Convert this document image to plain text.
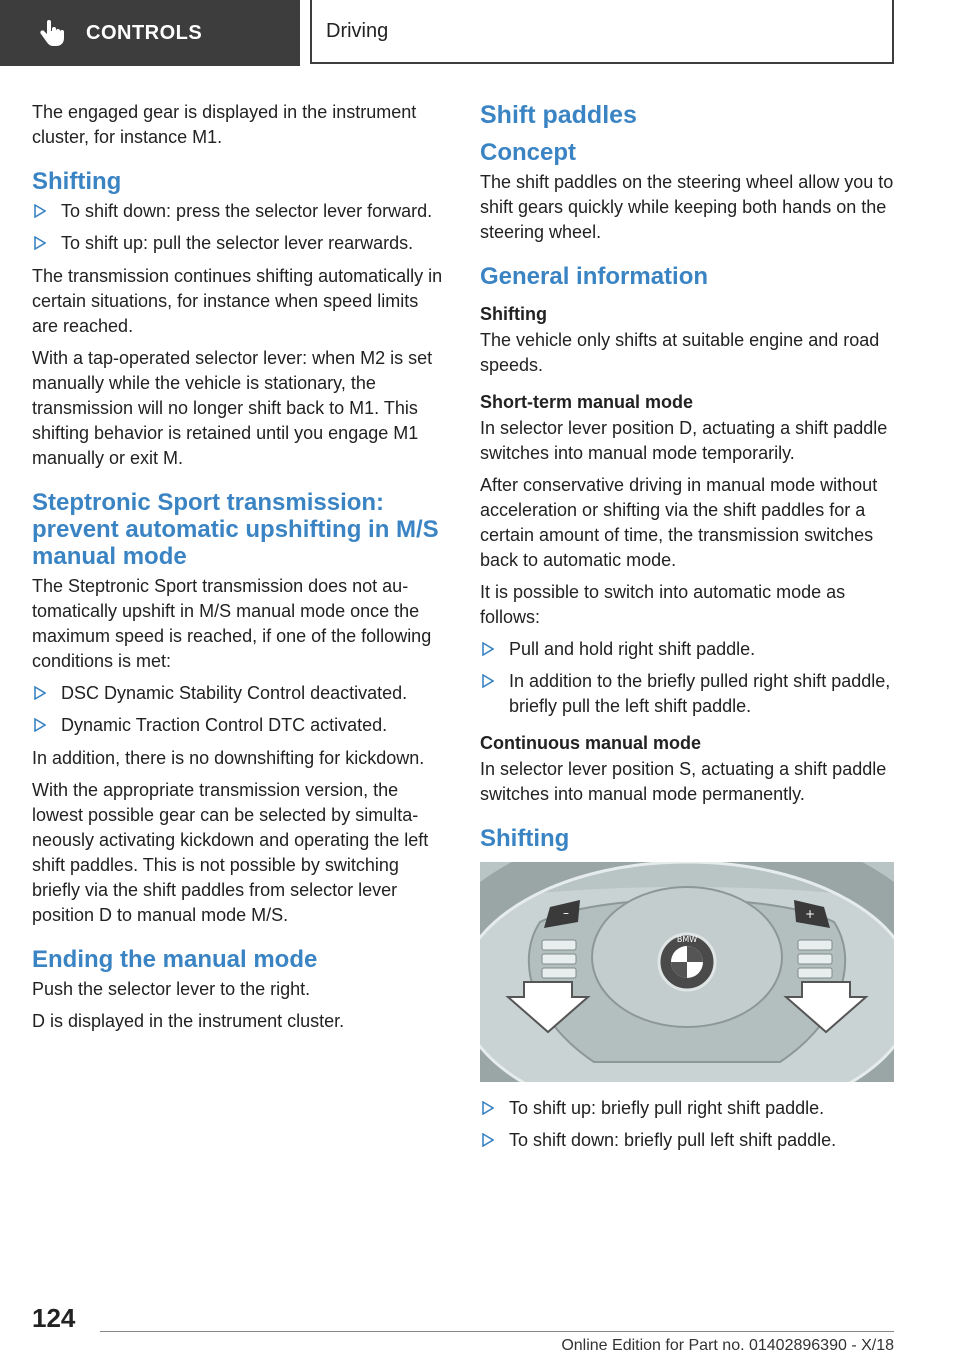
CONTROLS	Driving

The engaged gear is displayed in the instrument cluster, for instance M1.

Shifting
To shift down: press the selector lever forward.
To shift up: pull the selector lever rearwards.

The transmission continues shifting automatically in certain situations, for instance when speed limits are reached.

With a tap-operated selector lever: when M2 is set manually while the vehicle is stationary, the transmission will no longer shift back to M1. This shifting behavior is retained until you engage M1 manually or exit M.

Steptronic Sport transmission: prevent automatic upshifting in M/S manual mode

The Steptronic Sport transmission does not automatically upshift in M/S manual mode once the maximum speed is reached, if one of the following conditions is met:

DSC Dynamic Stability Control deactivated.
Dynamic Traction Control DTC activated.

In addition, there is no downshifting for kickdown.

With the appropriate transmission version, the lowest possible gear can be selected by simultaneously activating kickdown and operating the left shift paddles. This is not possible by switching briefly via the shift paddles from selector lever position D to manual mode M/S.

Ending the manual mode

Push the selector lever to the right.

D is displayed in the instrument cluster.

Shift paddles
Concept

The shift paddles on the steering wheel allow you to shift gears quickly while keeping both hands on the steering wheel.

General information
Shifting

The vehicle only shifts at suitable engine and road speeds.

Short-term manual mode

In selector lever position D, actuating a shift paddle switches into manual mode temporarily.

After conservative driving in manual mode without acceleration or shifting via the shift paddles for a certain amount of time, the transmission switches back to automatic mode.

It is possible to switch into automatic mode as follows:

Pull and hold right shift paddle.
In addition to the briefly pulled right shift paddle, briefly pull the left shift paddle.
Continuous manual mode

In selector lever position S, actuating a shift paddle switches into manual mode permanently.

Shifting
BMW
–	+
To shift up: briefly pull right shift paddle.
To shift down: briefly pull left shift paddle.
124
Online Edition for Part no. 01402896390 - X/18
